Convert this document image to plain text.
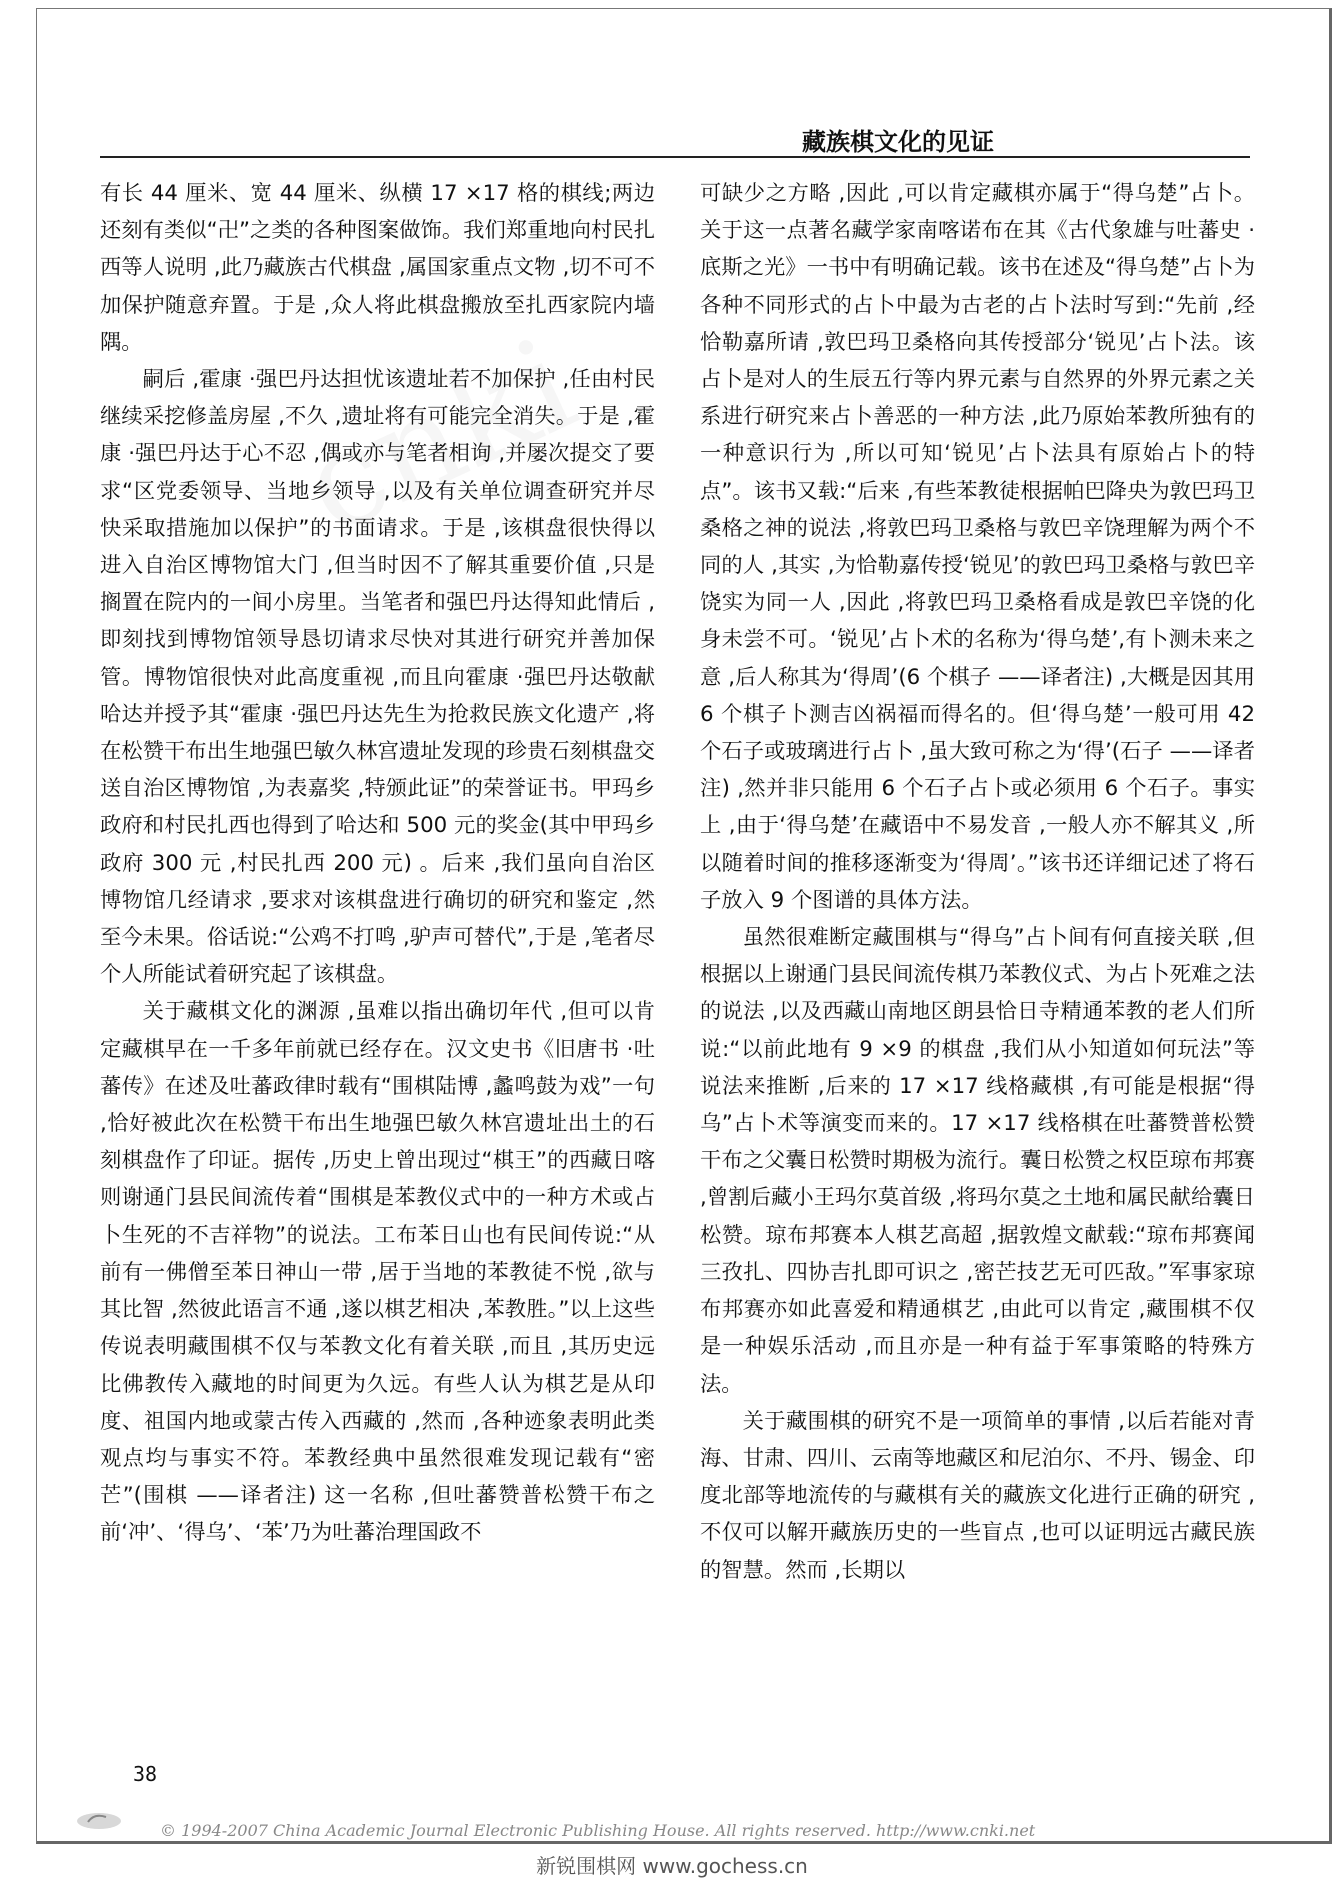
藏族棋文化的见证

有长 44 厘米、宽 44 厘米、纵横 17 ×17 格的棋线;两边还刻有类似“卍”之类的各种图案做饰。我们郑重地向村民扎西等人说明 ,此乃藏族古代棋盘 ,属国家重点文物 ,切不可不加保护随意弃置。于是 ,众人将此棋盘搬放至扎西家院内墙隅。

嗣后 ,霍康 ·强巴丹达担忧该遗址若不加保护 ,任由村民继续采挖修盖房屋 ,不久 ,遗址将有可能完全消失。于是 ,霍康 ·强巴丹达于心不忍 ,偶或亦与笔者相询 ,并屡次提交了要求“区党委领导、当地乡领导 ,以及有关单位调查研究并尽快采取措施加以保护”的书面请求。于是 ,该棋盘很快得以进入自治区博物馆大门 ,但当时因不了解其重要价值 ,只是搁置在院内的一间小房里。当笔者和强巴丹达得知此情后 ,即刻找到博物馆领导恳切请求尽快对其进行研究并善加保管。博物馆很快对此高度重视 ,而且向霍康 ·强巴丹达敬献哈达并授予其“霍康 ·强巴丹达先生为抢救民族文化遗产 ,将在松赞干布出生地强巴敏久林宫遗址发现的珍贵石刻棋盘交送自治区博物馆 ,为表嘉奖 ,特颁此证”的荣誉证书。甲玛乡政府和村民扎西也得到了哈达和 500 元的奖金(其中甲玛乡政府 300 元 ,村民扎西 200 元) 。后来 ,我们虽向自治区博物馆几经请求 ,要求对该棋盘进行确切的研究和鉴定 ,然至今未果。俗话说:“公鸡不打鸣 ,驴声可替代”,于是 ,笔者尽个人所能试着研究起了该棋盘。

关于藏棋文化的渊源 ,虽难以指出确切年代 ,但可以肯定藏棋早在一千多年前就已经存在。汉文史书《旧唐书 ·吐蕃传》在述及吐蕃政律时载有“围棋陆博 ,蠡鸣鼓为戏”一句 ,恰好被此次在松赞干布出生地强巴敏久林宫遗址出土的石刻棋盘作了印证。据传 ,历史上曾出现过“棋王”的西藏日喀则谢通门县民间流传着“围棋是苯教仪式中的一种方术或占卜生死的不吉祥物”的说法。工布苯日山也有民间传说:“从前有一佛僧至苯日神山一带 ,居于当地的苯教徒不悦 ,欲与其比智 ,然彼此语言不通 ,遂以棋艺相决 ,苯教胜。”以上这些传说表明藏围棋不仅与苯教文化有着关联 ,而且 ,其历史远比佛教传入藏地的时间更为久远。有些人认为棋艺是从印度、祖国内地或蒙古传入西藏的 ,然而 ,各种迹象表明此类观点均与事实不符。苯教经典中虽然很难发现记载有“密芒”(围棋 ——译者注) 这一名称 ,但吐蕃赞普松赞干布之前‘冲’、‘得乌’、‘苯’乃为吐蕃治理国政不

可缺少之方略 ,因此 ,可以肯定藏棋亦属于“得乌楚”占卜。关于这一点著名藏学家南喀诺布在其《古代象雄与吐蕃史 ·底斯之光》一书中有明确记载。该书在述及“得乌楚”占卜为各种不同形式的占卜中最为古老的占卜法时写到:“先前 ,经恰勒嘉所请 ,敦巴玛卫桑格向其传授部分‘锐见’占卜法。该占卜是对人的生辰五行等内界元素与自然界的外界元素之关系进行研究来占卜善恶的一种方法 ,此乃原始苯教所独有的一种意识行为 ,所以可知‘锐见’占卜法具有原始占卜的特点”。该书又载:“后来 ,有些苯教徒根据帕巴降央为敦巴玛卫桑格之神的说法 ,将敦巴玛卫桑格与敦巴辛饶理解为两个不同的人 ,其实 ,为恰勒嘉传授‘锐见’的敦巴玛卫桑格与敦巴辛饶实为同一人 ,因此 ,将敦巴玛卫桑格看成是敦巴辛饶的化身未尝不可。‘锐见’占卜术的名称为‘得乌楚’,有卜测未来之意 ,后人称其为‘得周’(6 个棋子 ——译者注) ,大概是因其用 6 个棋子卜测吉凶祸福而得名的。但‘得乌楚’一般可用 42 个石子或玻璃进行占卜 ,虽大致可称之为‘得’(石子 ——译者注) ,然并非只能用 6 个石子占卜或必须用 6 个石子。事实上 ,由于‘得乌楚’在藏语中不易发音 ,一般人亦不解其义 ,所以随着时间的推移逐渐变为‘得周’。”该书还详细记述了将石子放入 9 个图谱的具体方法。

虽然很难断定藏围棋与“得乌”占卜间有何直接关联 ,但根据以上谢通门县民间流传棋乃苯教仪式、为占卜死难之法的说法 ,以及西藏山南地区朗县恰日寺精通苯教的老人们所说:“以前此地有 9 ×9 的棋盘 ,我们从小知道如何玩法”等说法来推断 ,后来的 17 ×17 线格藏棋 ,有可能是根据“得乌”占卜术等演变而来的。17 ×17 线格棋在吐蕃赞普松赞干布之父囊日松赞时期极为流行。囊日松赞之权臣琼布邦赛 ,曾割后藏小王玛尔莫首级 ,将玛尔莫之土地和属民献给囊日松赞。琼布邦赛本人棋艺高超 ,据敦煌文献载:“琼布邦赛闻三孜扎、四协吉扎即可识之 ,密芒技艺无可匹敌。”军事家琼布邦赛亦如此喜爱和精通棋艺 ,由此可以肯定 ,藏围棋不仅是一种娱乐活动 ,而且亦是一种有益于军事策略的特殊方法。

关于藏围棋的研究不是一项简单的事情 ,以后若能对青海、甘肃、四川、云南等地藏区和尼泊尔、不丹、锡金、印度北部等地流传的与藏棋有关的藏族文化进行正确的研究 ,不仅可以解开藏族历史的一些盲点 ,也可以证明远古藏民族的智慧。然而 ,长期以

38
© 1994-2007 China Academic Journal Electronic Publishing House. All rights reserved. http://www.cnki.net
新锐围棋网 www.gochess.cn
